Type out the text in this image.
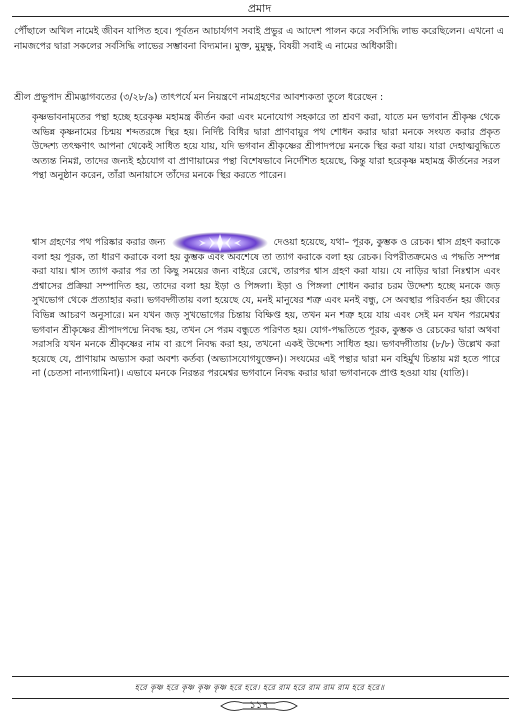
প্রমাদ

পৌঁছালে অখিল নামেই জীবন যাপিত হবে। পূর্বতন আচার্যগণ সবাই প্রভুর এ আদেশ পালন করে সর্বসিদ্ধি লাভ করেছিলেন। এখনো এ নামজপের দ্বারা সকলের সর্বসিদ্ধি লাভের সম্ভাবনা বিদ্যমান। মুক্ত, মুমুক্ষু, বিষয়ী সবাই এ নামের অধিকারী।

শ্রীল প্রভুপাদ শ্রীমদ্ভাগবতের (৩/২৮/৯) তাৎপর্যে মন নিয়ন্ত্রণে নামগ্রহণের আবশ্যকতা তুলে ধরেছেন :

কৃষ্ণভাবনামৃতের পন্থা হচ্ছে হরেকৃষ্ণ মহামন্ত্র কীর্তন করা এবং মনোযোগ সহকারে তা শ্রবণ করা, যাতে মন ভগবান শ্রীকৃষ্ণ থেকে অভিন্ন কৃষ্ণনামের চিন্ময় শব্দতরঙ্গে স্থির হয়। নির্দিষ্ট বিধির দ্বারা প্রাণবায়ুর পথ শোধন করার দ্বারা মনকে সংযত করার প্রকৃত উদ্দেশ্য তৎক্ষণাৎ আপনা থেকেই সাধিত হয়ে যায়, যদি ভগবান শ্রীকৃষ্ণের শ্রীপাদপদ্মে মনকে স্থির করা যায়। যারা দেহাত্মবুদ্ধিতে অত্যন্ত নিমগ্ন, তাদের জন্যই হঠযোগ বা প্রাণায়ামের পন্থা বিশেষভাবে নির্দেশিত হয়েছে, কিন্তু যারা হরেকৃষ্ণ মহামন্ত্র কীর্তনের সরল পন্থা অনুষ্ঠান করেন, তাঁরা অনায়াসে তাঁদের মনকে স্থির করতে পারেন।

শ্বাস গ্রহণের পথ পরিষ্কার করার জন্য	দেওয়া হয়েছে, যথা– পূরক, কুম্ভক ও রেচক। শ্বাস গ্রহণ করাকে বলা হয় পূরক, তা ধারণ করাকে বলা হয় কুম্ভক এবং অবশেষে তা ত্যাগ করাকে বলা হয় রেচক। বিপরীতক্রমেও এ পদ্ধতি সম্পন্ন করা যায়। শ্বাস ত্যাগ করার পর তা কিছু সময়ের জন্য বাইরে রেখে, তারপর শ্বাস গ্রহণ করা যায়। যে নাড়ির দ্বারা নিঃশ্বাস এবং প্রশ্বাসের প্রক্রিয়া সম্পাদিত হয়, তাদের বলা হয় ইড়া ও পিঙ্গলা। ইড়া ও পিঙ্গলা শোধন করার চরম উদ্দেশ্য হচ্ছে মনকে জড় সুখভোগ থেকে প্রত্যাহার করা। ভগবদ্গীতায় বলা হয়েছে যে, মনই মানুষের শত্রু এবং মনই বন্ধু, সে অবস্থার পরিবর্তন হয় জীবের বিভিন্ন আচরণ অনুসারে। মন যখন জড় সুখভোগের চিন্তায় বিক্ষিপ্ত হয়, তখন মন শত্রু হয়ে যায় এবং সেই মন যখন পরমেশ্বর ভগবান শ্রীকৃষ্ণের শ্রীপাদপদ্মে নিবদ্ধ হয়, তখন সে পরম বন্ধুতে পরিণত হয়। যোগ-পদ্ধতিতে পূরক, কুম্ভক ও রেচকের দ্বারা অথবা সরাসরি যখন মনকে শ্রীকৃষ্ণের নাম বা রূপে নিবদ্ধ করা হয়, তখনো একই উদ্দেশ্য সাধিত হয়। ভগবদ্গীতায় (৮/৮) উল্লেখ করা হয়েছে যে, প্রাণায়াম অভ্যাস করা অবশ্য কর্তব্য (অভ্যাসযোগযুক্তেন)। সংযমের এই পন্থার দ্বারা মন বহির্মুখ চিন্তায় মগ্ন হতে পারে না (চেতসা নান্যগামিনা)। এভাবে মনকে নিরন্তর পরমেশ্বর ভগবানে নিবদ্ধ করার দ্বারা ভগবানকে প্রাপ্ত হওয়া যায় (যাতি)।

হরে কৃষ্ণ হরে কৃষ্ণ কৃষ্ণ কৃষ্ণ হরে হরে। হরে রাম হরে রাম রাম রাম হরে হরে॥
১১৭
